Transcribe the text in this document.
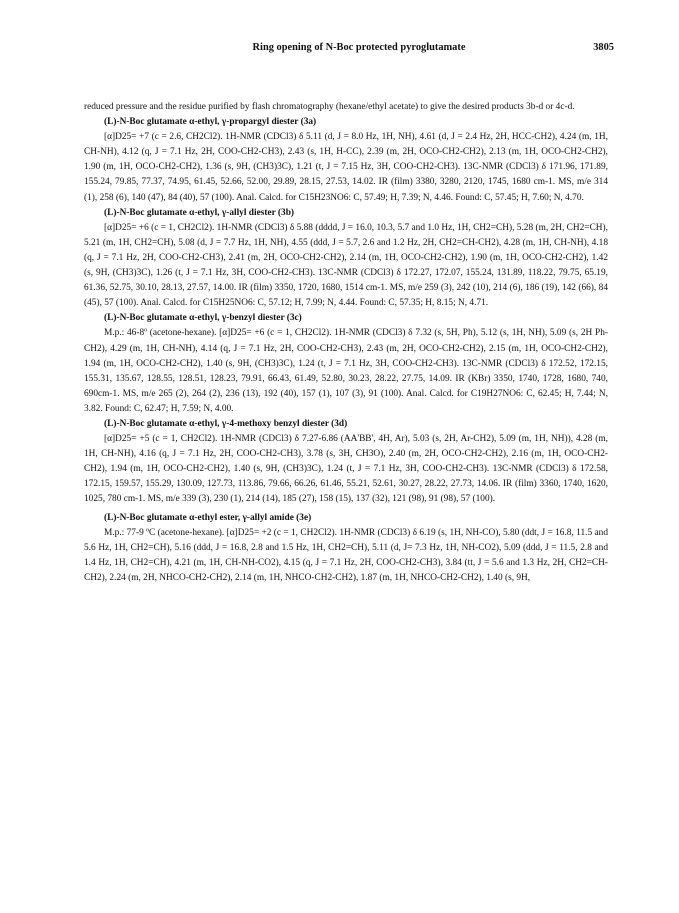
Ring opening of N-Boc protected pyroglutamate	3805

reduced pressure and the residue purified by flash chromatography (hexane/ethyl acetate) to give the desired products 3b-d or 4c-d.

(L)-N-Boc glutamate α-ethyl, γ-propargyl diester (3a)

[α]D25= +7 (c = 2.6, CH2Cl2). 1H-NMR (CDCl3) δ 5.11 (d, J = 8.0 Hz, 1H, NH), 4.61 (d, J = 2.4 Hz, 2H, HCC-CH2), 4.24 (m, 1H, CH-NH), 4.12 (q, J = 7.1 Hz, 2H, COO-CH2-CH3), 2.43 (s, 1H, H-CC), 2.39 (m, 2H, OCO-CH2-CH2), 2.13 (m, 1H, OCO-CH2-CH2), 1.90 (m, 1H, OCO-CH2-CH2), 1.36 (s, 9H, (CH3)3C), 1.21 (t, J = 7.15 Hz, 3H, COO-CH2-CH3). 13C-NMR (CDCl3) δ 171.96, 171.89, 155.24, 79.85, 77.37, 74.95, 61.45, 52.66, 52.00, 29.89, 28.15, 27.53, 14.02. IR (film) 3380, 3280, 2120, 1745, 1680 cm-1. MS, m/e 314 (1), 258 (6), 140 (47), 84 (40), 57 (100). Anal. Calcd. for C15H23NO6: C, 57.49; H, 7.39; N, 4.46. Found: C, 57.45; H, 7.60; N, 4.70.

(L)-N-Boc glutamate α-ethyl, γ-allyl diester (3b)

[α]D25= +6 (c = 1, CH2Cl2). 1H-NMR (CDCl3) δ 5.88 (dddd, J = 16.0, 10.3, 5.7 and 1.0 Hz, 1H, CH2=CH), 5.28 (m, 2H, CH2=CH), 5.21 (m, 1H, CH2=CH), 5.08 (d, J = 7.7 Hz, 1H, NH), 4.55 (ddd, J = 5.7, 2.6 and 1.2 Hz, 2H, CH2=CH-CH2), 4.28 (m, 1H, CH-NH), 4.18 (q, J = 7.1 Hz, 2H, COO-CH2-CH3), 2.41 (m, 2H, OCO-CH2-CH2), 2.14 (m, 1H, OCO-CH2-CH2), 1.90 (m, 1H, OCO-CH2-CH2), 1.42 (s, 9H, (CH3)3C), 1.26 (t, J = 7.1 Hz, 3H, COO-CH2-CH3). 13C-NMR (CDCl3) δ 172.27, 172.07, 155.24, 131.89, 118.22, 79.75, 65.19, 61.36, 52.75, 30.10, 28.13, 27.57, 14.00. IR (film) 3350, 1720, 1680, 1514 cm-1. MS, m/e 259 (3), 242 (10), 214 (6), 186 (19), 142 (66), 84 (45), 57 (100). Anal. Calcd. for C15H25NO6: C, 57.12; H, 7.99; N, 4.44. Found: C, 57.35; H, 8.15; N, 4.71.

(L)-N-Boc glutamate α-ethyl, γ-benzyl diester (3c)

M.p.: 46-8º (acetone-hexane). [α]D25= +6 (c = 1, CH2Cl2). 1H-NMR (CDCl3) δ 7.32 (s, 5H, Ph), 5.12 (s, 1H, NH), 5.09 (s, 2H Ph-CH2), 4.29 (m, 1H, CH-NH), 4.14 (q, J = 7.1 Hz, 2H, COO-CH2-CH3), 2.43 (m, 2H, OCO-CH2-CH2), 2.15 (m, 1H, OCO-CH2-CH2), 1.94 (m, 1H, OCO-CH2-CH2), 1.40 (s, 9H, (CH3)3C), 1.24 (t, J = 7.1 Hz, 3H, COO-CH2-CH3). 13C-NMR (CDCl3) δ 172.52, 172.15, 155.31, 135.67, 128.55, 128.51, 128.23, 79.91, 66.43, 61.49, 52.80, 30.23, 28.22, 27.75, 14.09. IR (KBr) 3350, 1740, 1728, 1680, 740, 690cm-1. MS, m/e 265 (2), 264 (2), 236 (13), 192 (40), 157 (1), 107 (3), 91 (100). Anal. Calcd. for C19H27NO6: C, 62.45; H, 7.44; N, 3.82. Found: C, 62.47; H, 7.59; N, 4.00.

(L)-N-Boc glutamate α-ethyl, γ-4-methoxy benzyl diester (3d)

[α]D25= +5 (c = 1, CH2Cl2). 1H-NMR (CDCl3) δ 7.27-6.86 (AA'BB', 4H, Ar), 5.03 (s, 2H, Ar-CH2), 5.09 (m, 1H, NH)), 4.28 (m, 1H, CH-NH), 4.16 (q, J = 7.1 Hz, 2H, COO-CH2-CH3), 3.78 (s, 3H, CH3O), 2.40 (m, 2H, OCO-CH2-CH2), 2.16 (m, 1H, OCO-CH2-CH2), 1.94 (m, 1H, OCO-CH2-CH2), 1.40 (s, 9H, (CH3)3C), 1.24 (t, J = 7.1 Hz, 3H, COO-CH2-CH3). 13C-NMR (CDCl3) δ 172.58, 172.15, 159.57, 155.29, 130.09, 127.73, 113.86, 79.66, 66.26, 61.46, 55.21, 52.61, 30.27, 28.22, 27.73, 14.06. IR (film) 3360, 1740, 1620, 1025, 780 cm-1. MS, m/e 339 (3), 230 (1), 214 (14), 185 (27), 158 (15), 137 (32), 121 (98), 91 (98), 57 (100).

(L)-N-Boc glutamate α-ethyl ester, γ-allyl amide (3e)

M.p.: 77-9 ºC (acetone-hexane). [α]D25= +2 (c = 1, CH2Cl2). 1H-NMR (CDCl3) δ 6.19 (s, 1H, NH-CO), 5.80 (ddt, J = 16.8, 11.5 and 5.6 Hz, 1H, CH2=CH), 5.16 (ddd, J = 16.8, 2.8 and 1.5 Hz, 1H, CH2=CH), 5.11 (d, J= 7.3 Hz, 1H, NH-CO2), 5.09 (ddd, J = 11.5, 2.8 and 1.4 Hz, 1H, CH2=CH), 4.21 (m, 1H, CH-NH-CO2), 4.15 (q, J = 7.1 Hz, 2H, COO-CH2-CH3), 3.84 (tt, J = 5.6 and 1.3 Hz, 2H, CH2=CH-CH2), 2.24 (m, 2H, NHCO-CH2-CH2), 2.14 (m, 1H, NHCO-CH2-CH2), 1.87 (m, 1H, NHCO-CH2-CH2), 1.40 (s, 9H,
